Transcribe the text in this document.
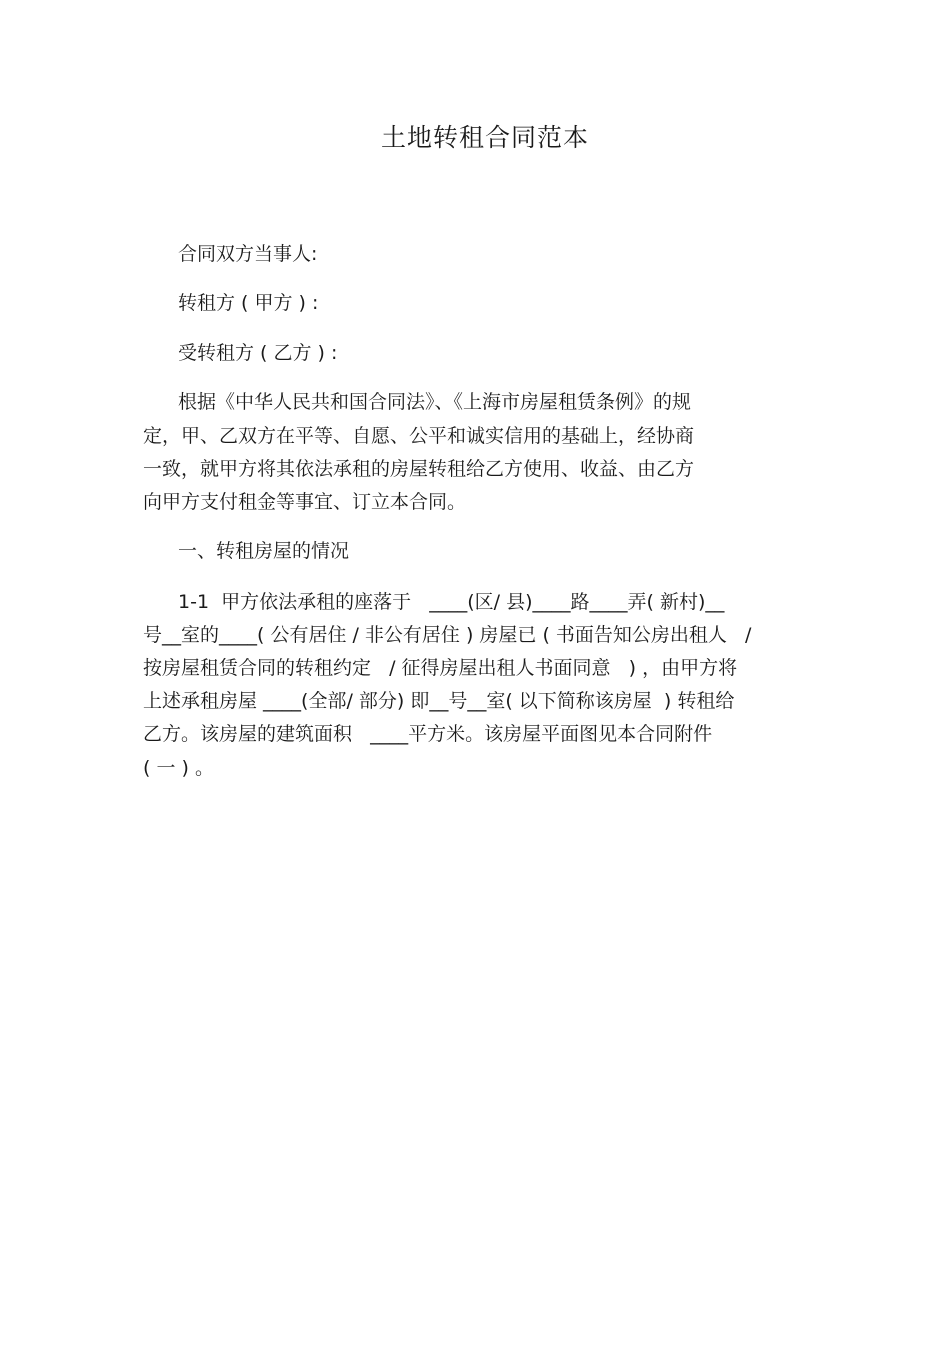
土地转租合同范本

合同双方当事人:

转租方 ( 甲方 ) :

受转租方 ( 乙方 ) :

根据《中华人民共和国合同法》、《上海市房屋租赁条例》的规

定，甲、乙双方在平等、自愿、公平和诚实信用的基础上，经协商

一致，就甲方将其依法承租的房屋转租给乙方使用、收益、由乙方

向甲方支付租金等事宜、订立本合同。

一、转租房屋的情况

1-1  甲方依法承租的座落于   ____(区/ 县)____路____弄( 新村)__

号__室的____( 公有居住 / 非公有居住 ) 房屋已 ( 书面告知公房出租人   /

按房屋租赁合同的转租约定   / 征得房屋出租人书面同意   ) ，由甲方将

上述承租房屋 ____(全部/ 部分) 即__号__室( 以下简称该房屋  ) 转租给

乙方。该房屋的建筑面积   ____平方米。该房屋平面图见本合同附件

( 一 ) 。
